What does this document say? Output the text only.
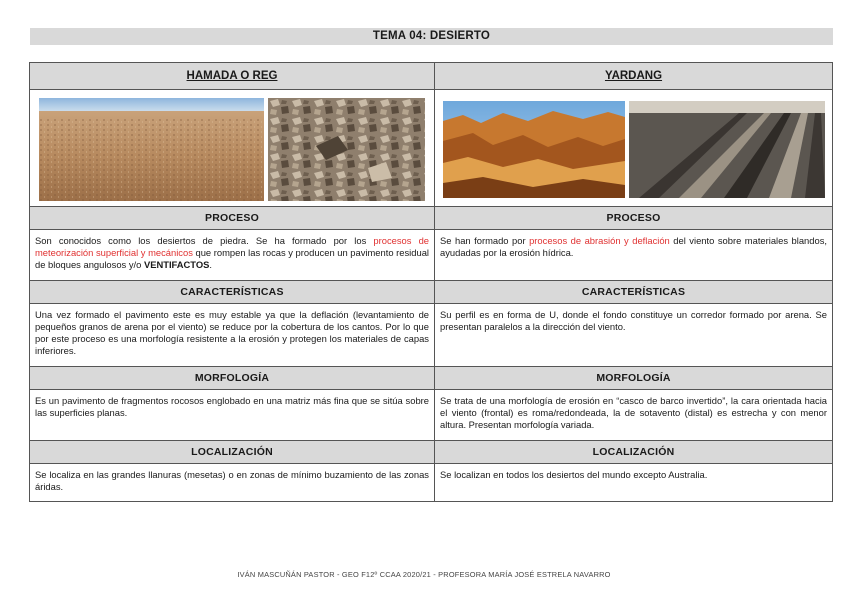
TEMA 04: DESIERTO
HAMADA O REG	YARDANG

PROCESO	PROCESO
Son conocidos como los desiertos de piedra. Se ha formado por los procesos de meteorización superficial y mecánicos que rompen las rocas y producen un pavimento residual de bloques angulosos y/o VENTIFACTOS.	Se han formado por procesos de abrasión y deflación del viento sobre materiales blandos, ayudadas por la erosión hídrica.
CARACTERÍSTICAS	CARACTERÍSTICAS
Una vez formado el pavimento este es muy estable ya que la deflación (levantamiento de pequeños granos de arena por el viento) se reduce por la cobertura de los cantos. Por lo que por este proceso es una morfología resistente a la erosión y protegen los materiales de capas inferiores.	Su perfil es en forma de U, donde el fondo constituye un corredor formado por arena. Se presentan paralelos a la dirección del viento.
MORFOLOGÍA	MORFOLOGÍA
Es un pavimento de fragmentos rocosos englobado en una matriz más fina que se sitúa sobre las superficies planas.	Se trata de una morfología de erosión en “casco de barco invertido”, la cara orientada hacia el viento (frontal) es roma/redondeada, la de sotavento (distal) es estrecha y con menor altura. Presentan morfología variada.
LOCALIZACIÓN	LOCALIZACIÓN
Se localiza en las grandes llanuras (mesetas) o en zonas de mínimo buzamiento de las zonas áridas.	Se localizan en todos los desiertos del mundo excepto Australia.
IVÁN MASCUÑÁN PASTOR - GEO F12º CCAA 2020/21 - PROFESORA MARÍA JOSÉ ESTRELA NAVARRO
